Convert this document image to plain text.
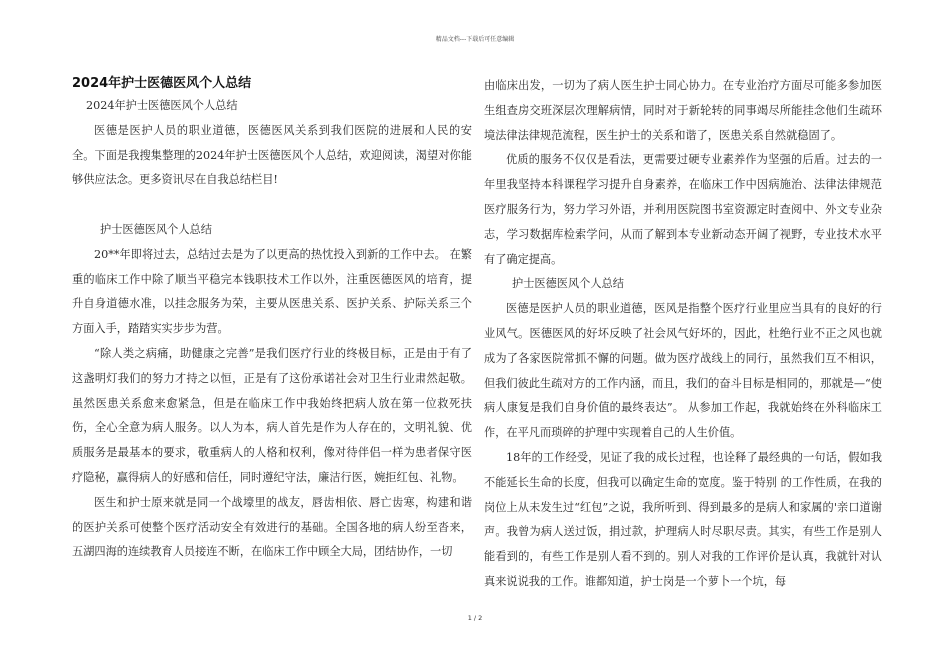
精品文档---下载后可任意编辑
2024年护士医德医风个人总结

2024年护士医德医风个人总结

医德是医护人员的职业道德，医德医风关系到我们医院的进展和人民的安全。下面是我搜集整理的2024年护士医德医风个人总结，欢迎阅读，渴望对你能够供应法念。更多资讯尽在自我总结栏目!

护士医德医风个人总结

20**年即将过去，总结过去是为了以更高的热忱投入到新的工作中去。 在繁重的临床工作中除了顺当平稳完本钱职技术工作以外，注重医德医风的培育，提升自身道德水准，以挂念服务为荣，主要从医患关系、医护关系、护际关系三个方面入手，踏踏实实步步为营。

“除人类之病痛，助健康之完善”是我们医疗行业的终极目标，正是由于有了这盏明灯我们的努力才持之以恒，正是有了这份承诺社会对卫生行业肃然起敬。虽然医患关系愈来愈紧急，但是在临床工作中我始终把病人放在第一位救死扶伤，全心全意为病人服务。以人为本，病人首先是作为人存在的，文明礼貌、优质服务是最基本的要求，敬重病人的人格和权利，像对待伴侣一样为患者保守医疗隐秘，赢得病人的好感和信任，同时遵纪守法，廉洁行医，婉拒红包、礼物。

医生和护士原来就是同一个战壕里的战友，唇齿相依、唇亡齿寒，构建和谐的医护关系可使整个医疗活动安全有效进行的基础。全国各地的病人纷至沓来，五湖四海的连续教育人员接连不断，在临床工作中顾全大局，团结协作，一切

由临床出发，一切为了病人医生护士同心协力。在专业治疗方面尽可能多参加医生组查房交班深层次理解病情，同时对于新轮转的同事竭尽所能挂念他们生疏环境法律法律规范流程，医生护士的关系和谐了，医患关系自然就稳固了。

优质的服务不仅仅是看法，更需要过硬专业素养作为坚强的后盾。过去的一年里我坚持本科课程学习提升自身素养，在临床工作中因病施治、法律法律规范医疗服务行为，努力学习外语，并利用医院图书室资源定时查阅中、外文专业杂志，学习数据库检索学问，从而了解到本专业新动态开阔了视野，专业技术水平有了确定提高。

护士医德医风个人总结

医德是医护人员的职业道德，医风是指整个医疗行业里应当具有的良好的行业风气。医德医风的好坏反映了社会风气好坏的，因此，杜绝行业不正之风也就成为了各家医院常抓不懈的问题。做为医疗战线上的同行，虽然我们互不相识，但我们彼此生疏对方的工作内涵，而且，我们的奋斗目标是相同的，那就是—“使病人康复是我们自身价值的最终表达”。 从参加工作起，我就始终在外科临床工作，在平凡而琐碎的护理中实现着自己的人生价值。

18年的工作经受，见证了我的成长过程，也诠释了最经典的一句话，假如我不能延长生命的长度，但我可以确定生命的宽度。鉴于特别 的工作性质，在我的岗位上从未发生过“红包”之说，我所听到、得到最多的是病人和家属的'亲口道谢声。我曾为病人送过饭，捐过款，护理病人时尽职尽责。其实，有些工作是别人能看到的，有些工作是别人看不到的。别人对我的工作评价是认真，我就针对认真来说说我的工作。谁都知道，护士岗是一个萝卜一个坑，每

1 / 2
